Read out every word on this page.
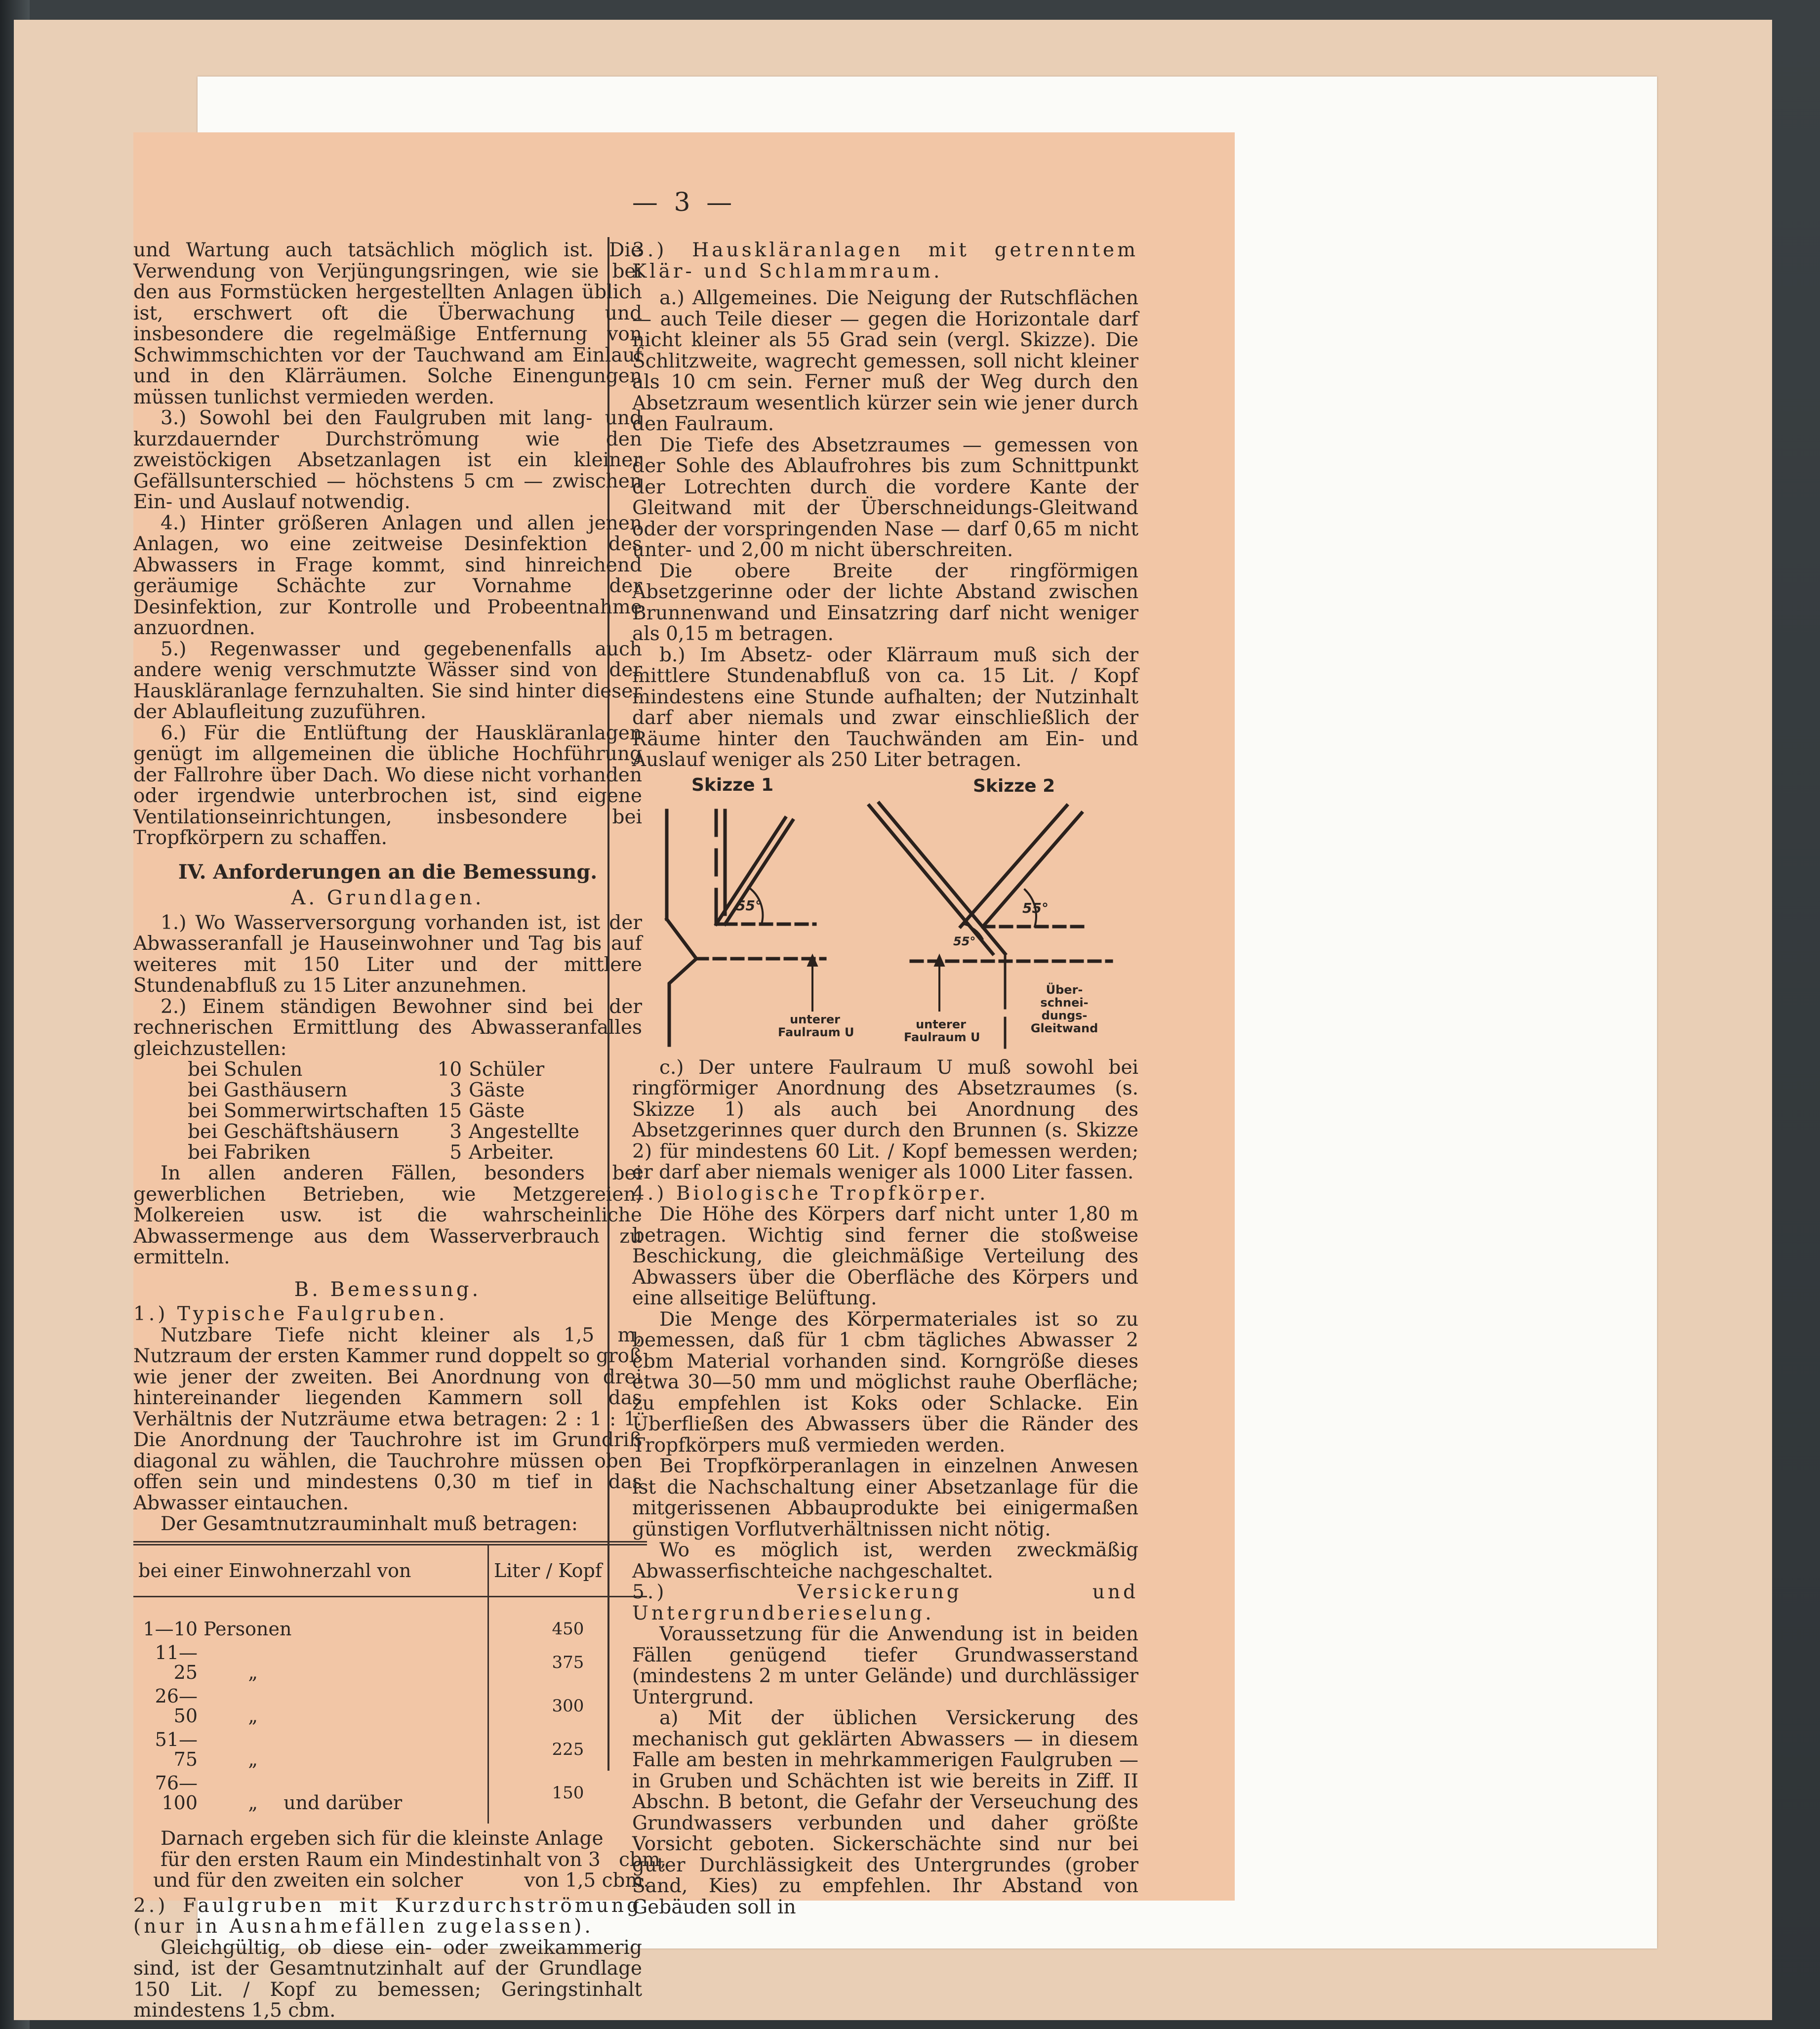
— 3 —

und Wartung auch tatsächlich möglich ist. Die Verwendung von Verjüngungsringen, wie sie bei den aus Formstücken hergestellten Anlagen üblich ist, erschwert oft die Überwachung und insbesondere die regelmäßige Entfernung von Schwimmschichten vor der Tauchwand am Einlauf und in den Klärräumen. Solche Einengungen müssen tunlichst vermieden werden.

3.) Sowohl bei den Faulgruben mit lang- und kurzdauernder Durchströmung wie den zweistöckigen Absetzanlagen ist ein kleiner Gefällsunterschied — höchstens 5 cm — zwischen Ein- und Auslauf notwendig.

4.) Hinter größeren Anlagen und allen jenen Anlagen, wo eine zeitweise Desinfektion des Abwassers in Frage kommt, sind hinreichend geräumige Schächte zur Vornahme der Desinfektion, zur Kontrolle und Probeentnahme anzuordnen.

5.) Regenwasser und gegebenenfalls auch andere wenig verschmutzte Wässer sind von der Hauskläranlage fernzuhalten. Sie sind hinter dieser der Ablaufleitung zuzuführen.

6.) Für die Entlüftung der Hauskläranlagen genügt im allgemeinen die übliche Hochführung der Fallrohre über Dach. Wo diese nicht vorhanden oder irgendwie unterbrochen ist, sind eigene Ventilationseinrichtungen, insbesondere bei Tropfkörpern zu schaffen.

IV. Anforderungen an die Bemessung.
A. Grundlagen.

1.) Wo Wasserversorgung vorhanden ist, ist der Abwasseranfall je Hauseinwohner und Tag bis auf weiteres mit 150 Liter und der mittlere Stundenabfluß zu 15 Liter anzunehmen.

2.) Einem ständigen Bewohner sind bei der rechnerischen Ermittlung des Abwasseranfalles gleichzustellen:

bei Schulen	10	Schüler
bei Gasthäusern	3	Gäste
bei Sommerwirtschaften	15	Gäste
bei Geschäftshäusern	3	Angestellte
bei Fabriken	5	Arbeiter.

In allen anderen Fällen, besonders bei gewerblichen Betrieben, wie Metzgereien, Molkereien usw. ist die wahrscheinliche Abwassermenge aus dem Wasserverbrauch zu ermitteln.

B. Bemessung.

1.) Typische Faulgruben.

Nutzbare Tiefe nicht kleiner als 1,5 m, Nutzraum der ersten Kammer rund doppelt so groß wie jener der zweiten. Bei Anordnung von drei hintereinander liegenden Kammern soll das Verhältnis der Nutzräume etwa betragen: 2 : 1 : 1. Die Anordnung der Tauchrohre ist im Grundriß diagonal zu wählen, die Tauchrohre müssen oben offen sein und mindestens 0,30 m tief in das Abwasser eintauchen.

Der Gesamtnutzrauminhalt muß betragen:

bei einer Einwohnerzahl von	Liter / Kopf
1—10 Personen	450
11—25 „	375
26—50 „	300
51—75 „	225
76—100 „ und darüber	150

Darnach ergeben sich für die kleinste Anlage

für den ersten Raum ein Mindestinhalt von 3   cbm,

und für den zweiten ein solcher          von 1,5 cbm.

2.) Faulgruben mit Kurzdurchströmung (nur in Ausnahmefällen zugelassen).

Gleichgültig, ob diese ein- oder zweikammerig sind, ist der Gesamtnutzinhalt auf der Grundlage 150 Lit. / Kopf zu bemessen; Geringstinhalt mindestens 1,5 cbm.

3.) Hauskläranlagen mit getrenntem Klär- und Schlammraum.

a.) Allgemeines. Die Neigung der Rutschflächen — auch Teile dieser — gegen die Horizontale darf nicht kleiner als 55 Grad sein (vergl. Skizze). Die Schlitzweite, wagrecht gemessen, soll nicht kleiner als 10 cm sein. Ferner muß der Weg durch den Absetzraum wesentlich kürzer sein wie jener durch den Faulraum.

Die Tiefe des Absetzraumes — gemessen von der Sohle des Ablaufrohres bis zum Schnittpunkt der Lotrechten durch die vordere Kante der Gleitwand mit der Überschneidungs-Gleitwand oder der vorspringenden Nase — darf 0,65 m nicht unter- und 2,00 m nicht überschreiten.

Die obere Breite der ringförmigen Absetzgerinne oder der lichte Abstand zwischen Brunnenwand und Einsatzring darf nicht weniger als 0,15 m betragen.

b.) Im Absetz- oder Klärraum muß sich der mittlere Stundenabfluß von ca. 15 Lit. / Kopf mindestens eine Stunde aufhalten; der Nutzinhalt darf aber niemals und zwar einschließlich der Räume hinter den Tauchwänden am Ein- und Auslauf weniger als 250 Liter betragen.

Skizze 1	Skizze 2
55°	55°
55°
unterer
Faulraum U
unterer
Faulraum U
Über-
schnei-
dungs-
Gleitwand

c.) Der untere Faulraum U muß sowohl bei ringförmiger Anordnung des Absetzraumes (s. Skizze 1) als auch bei Anordnung des Absetzgerinnes quer durch den Brunnen (s. Skizze 2) für mindestens 60 Lit. / Kopf bemessen werden; er darf aber niemals weniger als 1000 Liter fassen.

4.) Biologische Tropfkörper.

Die Höhe des Körpers darf nicht unter 1,80 m betragen. Wichtig sind ferner die stoßweise Beschickung, die gleichmäßige Verteilung des Abwassers über die Oberfläche des Körpers und eine allseitige Belüftung.

Die Menge des Körpermateriales ist so zu bemessen, daß für 1 cbm tägliches Abwasser 2 cbm Material vorhanden sind. Korngröße dieses etwa 30—50 mm und möglichst rauhe Oberfläche; zu empfehlen ist Koks oder Schlacke. Ein Überfließen des Abwassers über die Ränder des Tropfkörpers muß vermieden werden.

Bei Tropfkörperanlagen in einzelnen Anwesen ist die Nachschaltung einer Absetzanlage für die mitgerissenen Abbauprodukte bei einigermaßen günstigen Vorflutverhältnissen nicht nötig.

Wo es möglich ist, werden zweckmäßig Abwasserfischteiche nachgeschaltet.

5.) Versickerung und Untergrundberieselung.

Voraussetzung für die Anwendung ist in beiden Fällen genügend tiefer Grundwasserstand (mindestens 2 m unter Gelände) und durchlässiger Untergrund.

a) Mit der üblichen Versickerung des mechanisch gut geklärten Abwassers — in diesem Falle am besten in mehrkammerigen Faulgruben — in Gruben und Schächten ist wie bereits in Ziff. II Abschn. B betont, die Gefahr der Verseuchung des Grundwassers verbunden und daher größte Vorsicht geboten. Sickerschächte sind nur bei guter Durchlässigkeit des Untergrundes (grober Sand, Kies) zu empfehlen. Ihr Abstand von Gebäuden soll in
